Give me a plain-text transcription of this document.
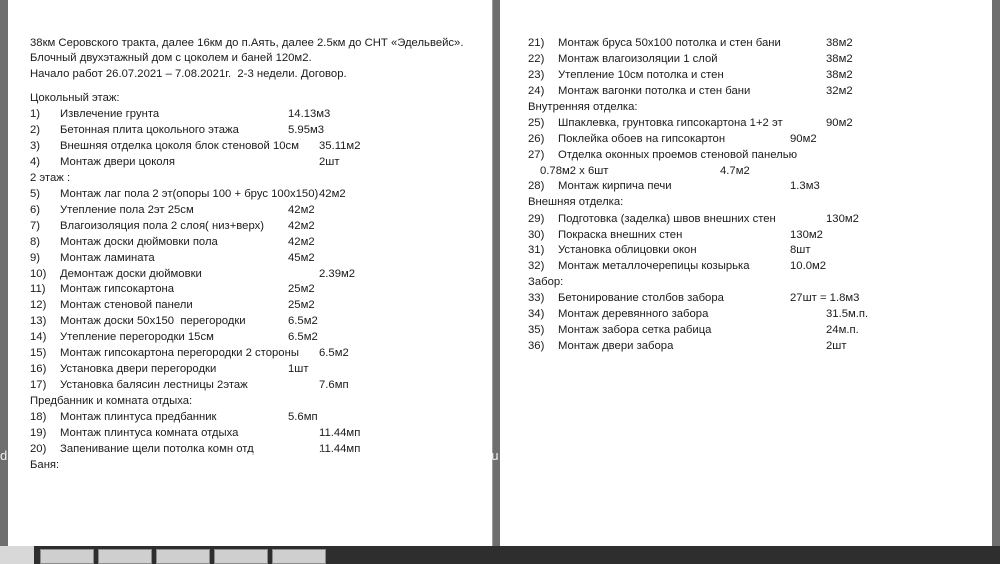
38км Серовского тракта, далее 16км до п.Аять, далее 2.5км до СНТ «Эдельвейс».
Блочный двухэтажный дом с цоколем и баней 120м2.
Начало работ 26.07.2021 – 7.08.2021г.  2-3 недели. Договор.
Цокольный этаж:
1)	Извлечение грунта	14.13м3
2)	Бетонная плита цокольного этажа	5.95м3
3)	Внешняя отделка цоколя блок стеновой 10см 35.11м2
4)	Монтаж двери цоколя	2шт
2 этаж :
5)	Монтаж лаг пола 2 эт(опоры 100 + брус 100х150) 42м2
6)	Утепление пола 2эт 25см	42м2
7)	Влагоизоляция пола 2 слоя( низ+верх) 42м2
8)	Монтаж доски дюймовки пола	42м2
9)	Монтаж ламината	45м2
10)	Демонтаж доски дюймовки	2.39м2
11)	Монтаж гипсокартона	25м2
12)	Монтаж стеновой панели	25м2
13)	Монтаж доски 50х150  перегородки	6.5м2
14)	Утепление перегородки 15см	6.5м2
15)	Монтаж гипсокартона перегородки 2 стороны 6.5м2
16)	Установка двери перегородки	1шт
17)	Установка балясин лестницы 2этаж	7.6мп
Предбанник и комната отдыха:
18)	Монтаж плинтуса предбанник	5.6мп
19)	Монтаж плинтуса комната отдыха	11.44мп
20)	Запенивание щели потолка комн отд	11.44мп
Баня:
21)	Монтаж бруса 50х100 потолка и стен бани	38м2
22)	Монтаж влагоизоляции 1 слой	38м2
23)	Утепление 10см потолка и стен	38м2
24)	Монтаж вагонки потолка и стен бани	32м2
Внутренняя отделка:
25)	Шпаклевка, грунтовка гипсокартона 1+2 эт	90м2
26)	Поклейка обоев на гипсокартон	90м2
27)	Отделка оконных проемов стеновой панелью
0.78м2 х 6шт	4.7м2
28)	Монтаж кирпича печи	1.3м3
Внешняя отделка:
29)	Подготовка (заделка) швов внешних стен	130м2
30)	Покраска внешних стен	130м2
31)	Установка облицовки окон	8шт
32)	Монтаж металлочерепицы козырька	10.0м2
Забор:
33)	Бетонирование столбов забора	27шт = 1.8м3
34)	Монтаж деревянного забора	31.5м.п.
35)	Монтаж забора сетка рабица	24м.п.
36)	Монтаж двери забора	2шт
di.ru	remont.divandi.ru	remont.divandi.ru	remont.divandi.ru	remont.divandi.ru	remont.divan
